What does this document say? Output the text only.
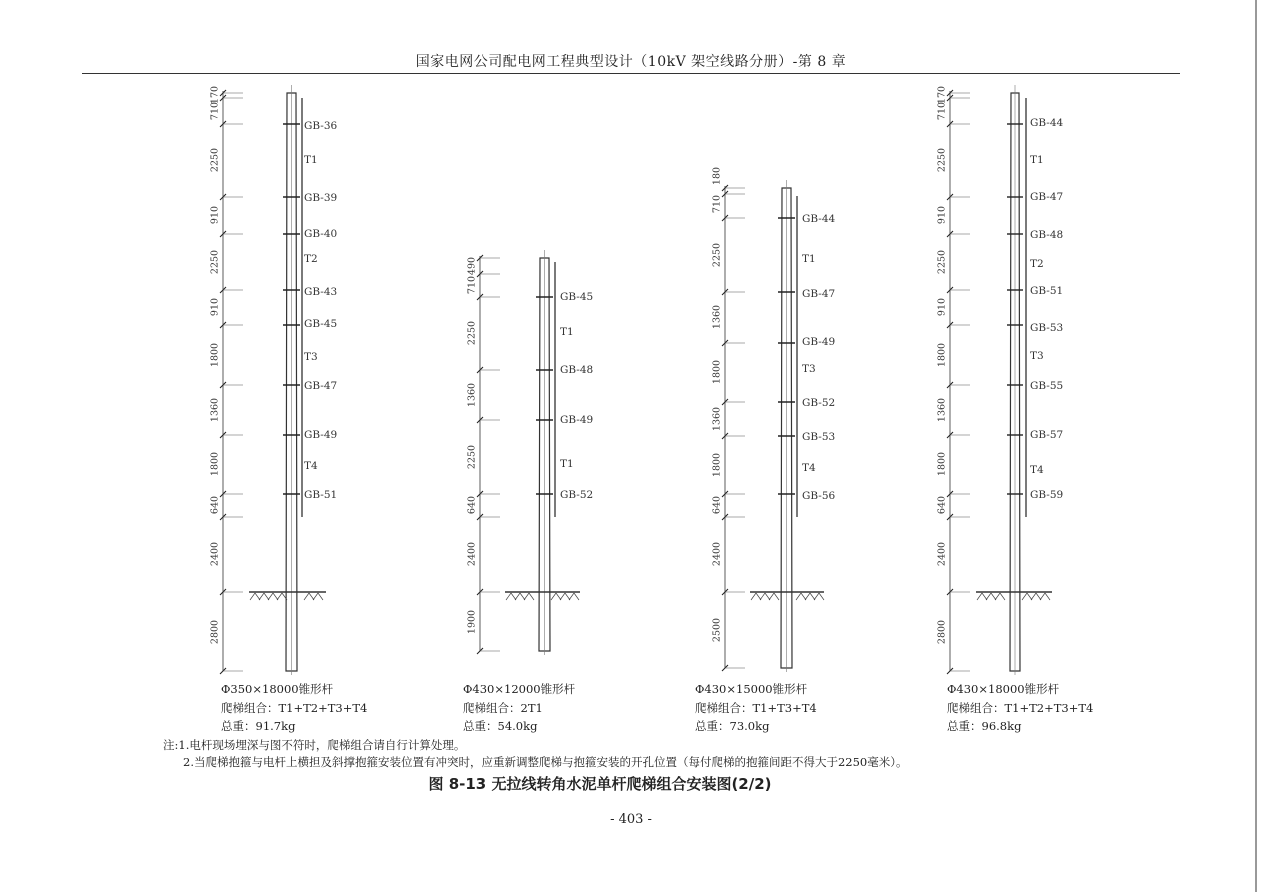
国家电网公司配电网工程典型设计（10kV 架空线路分册）-第 8 章
170
710
2250
910
2250
910
1800
1360
1800
640
2400
2800
GB-36
T1
GB-39
GB-40
T2
GB-43
GB-45
T3
GB-47
GB-49
T4
GB-51
490
710
2250
1360
2250
640
2400
1900
GB-45
T1
GB-48
GB-49
T1
GB-52
180
710
2250
1360
1800
1360
1800
640
2400
2500
GB-44
T1
GB-47
GB-49
T3
GB-52
GB-53
T4
GB-56
170
710
2250
910
2250
910
1800
1360
1800
640
2400
2800
GB-44
T1
GB-47
GB-48
T2
GB-51
GB-53
T3
GB-55
GB-57
T4
GB-59
Φ350×18000锥形杆
爬梯组合：T1+T2+T3+T4
总重：91.7kg
Φ430×12000锥形杆
爬梯组合：2T1
总重：54.0kg
Φ430×15000锥形杆
爬梯组合：T1+T3+T4
总重：73.0kg
Φ430×18000锥形杆
爬梯组合：T1+T2+T3+T4
总重：96.8kg
注:1.电杆现场埋深与图不符时，爬梯组合请自行计算处理。
2.当爬梯抱箍与电杆上横担及斜撑抱箍安装位置有冲突时，应重新调整爬梯与抱箍安装的开孔位置（每付爬梯的抱箍间距不得大于2250毫米）。
图 8-13 无拉线转角水泥单杆爬梯组合安装图(2/2)
- 403 -
